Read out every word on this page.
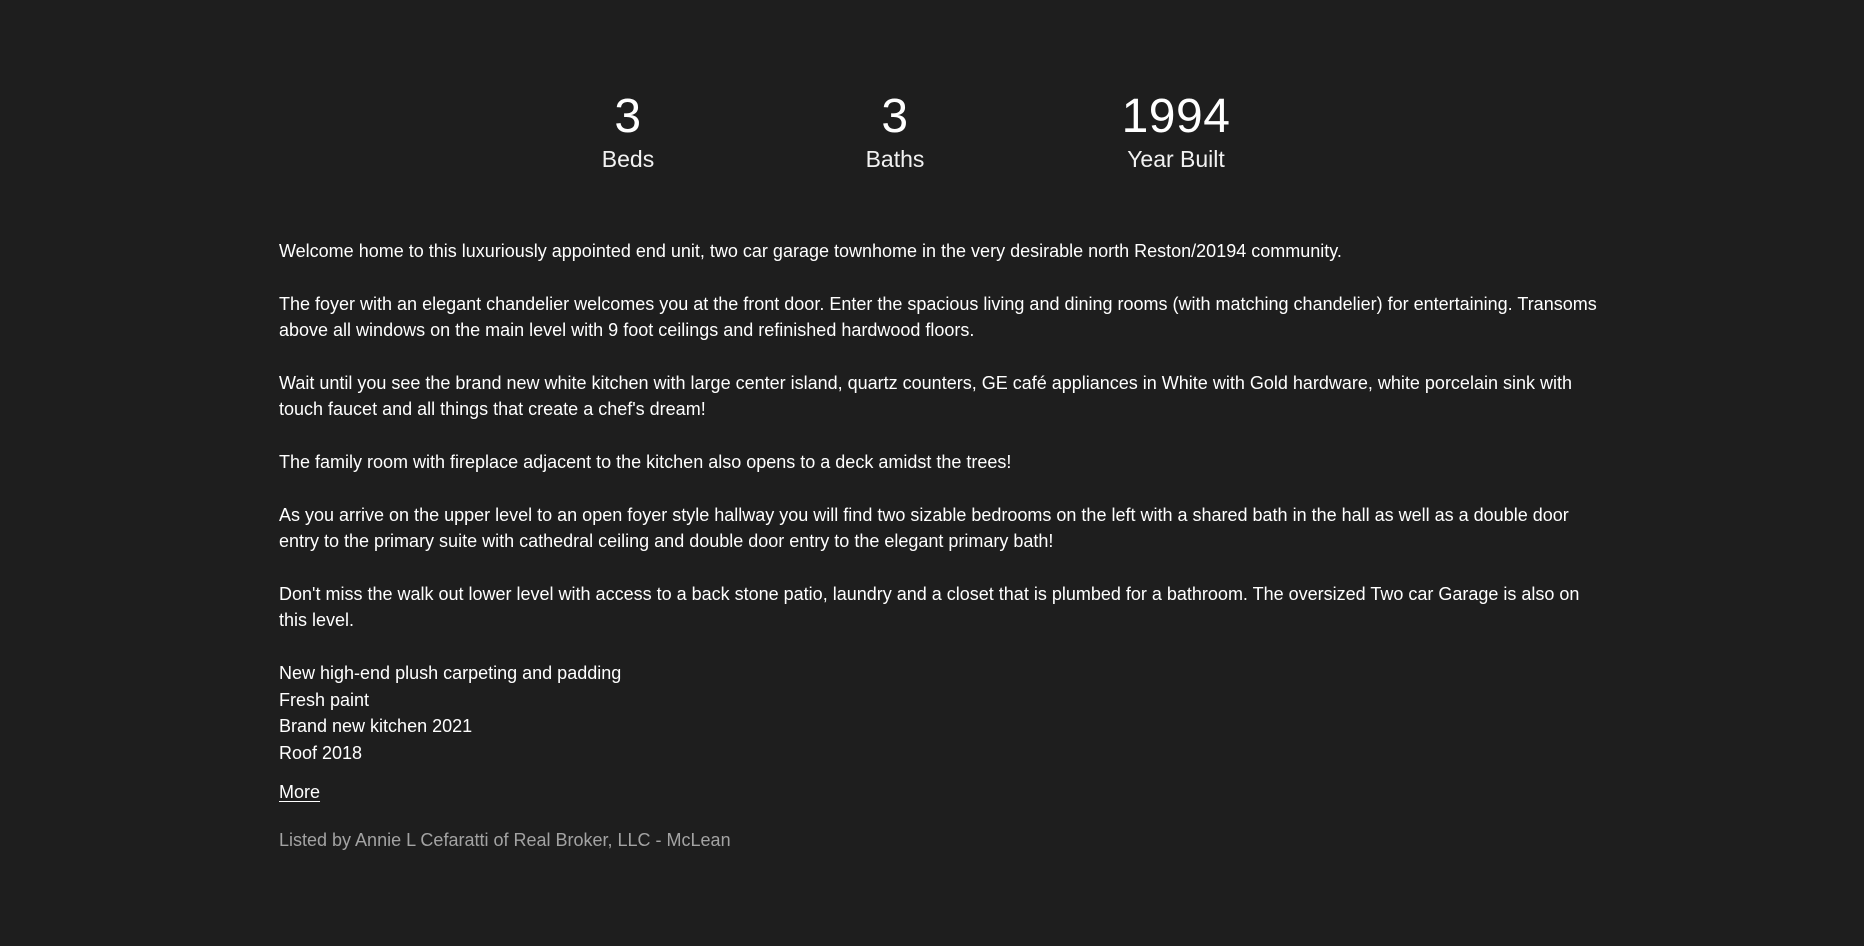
3
Beds
3
Baths
1994
Year Built

Welcome home to this luxuriously appointed end unit, two car garage townhome in the very desirable north Reston/20194 community.

The foyer with an elegant chandelier welcomes you at the front door. Enter the spacious living and dining rooms (with matching chandelier) for entertaining. Transoms above all windows on the main level with 9 foot ceilings and refinished hardwood floors.

Wait until you see the brand new white kitchen with large center island, quartz counters, GE café appliances in White with Gold hardware, white porcelain sink with touch faucet and all things that create a chef's dream!

The family room with fireplace adjacent to the kitchen also opens to a deck amidst the trees!

As you arrive on the upper level to an open foyer style hallway you will find two sizable bedrooms on the left with a shared bath in the hall as well as a double door entry to the primary suite with cathedral ceiling and double door entry to the elegant primary bath!

Don't miss the walk out lower level with access to a back stone patio, laundry and a closet that is plumbed for a bathroom. The oversized Two car Garage is also on this level.

New high-end plush carpeting and padding
Fresh paint
Brand new kitchen 2021
Roof 2018
More
Listed by Annie L Cefaratti of Real Broker, LLC - McLean
